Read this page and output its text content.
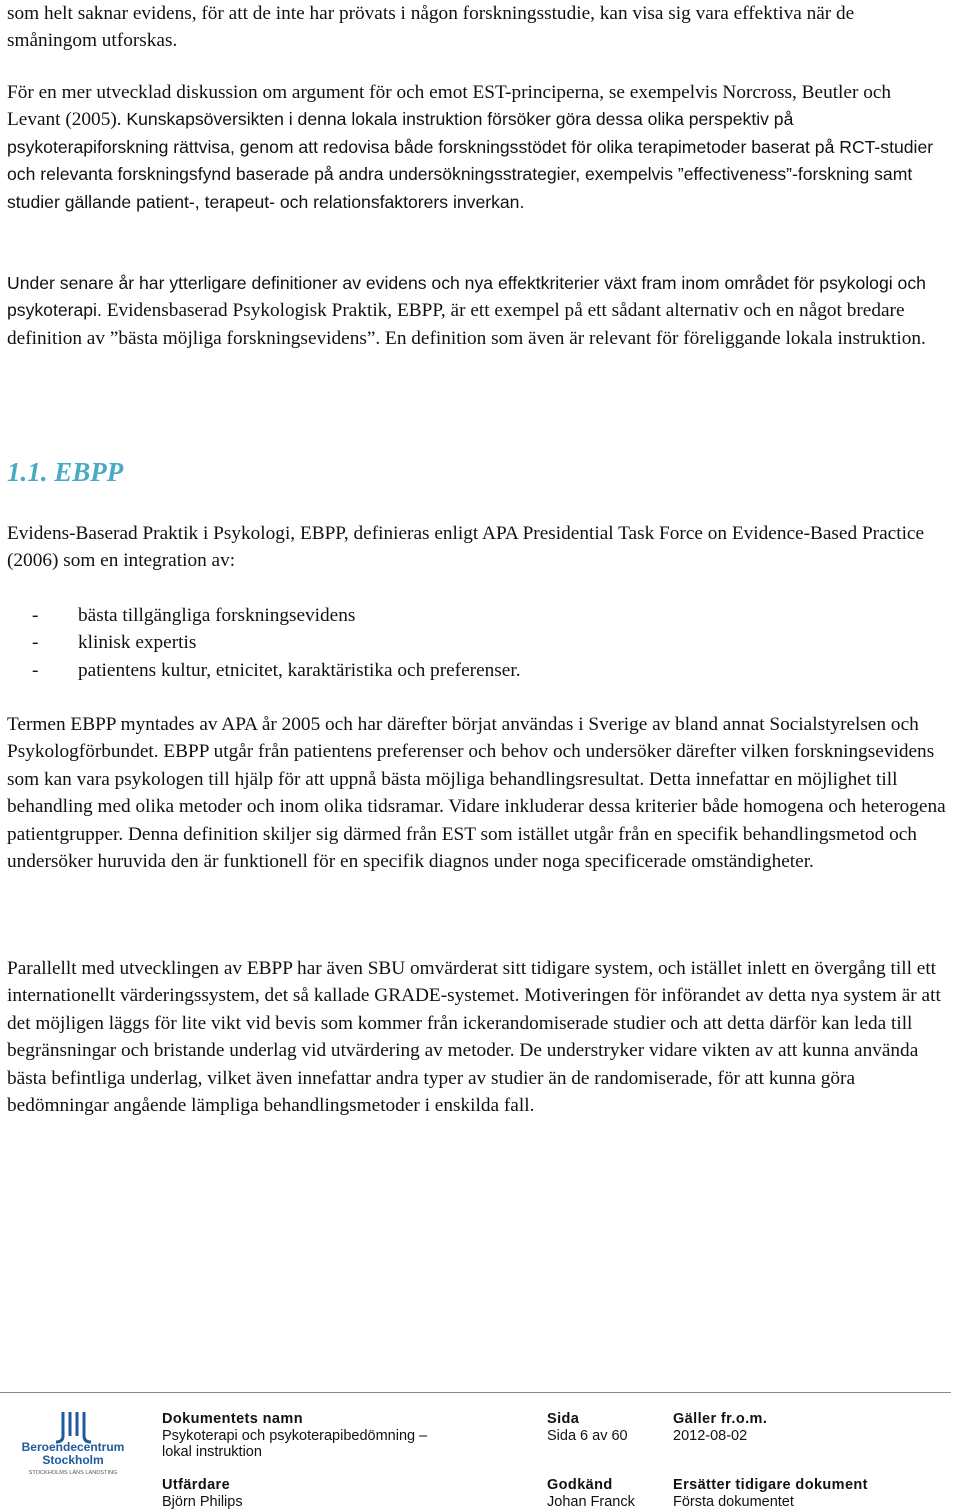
som helt saknar evidens, för att de inte har prövats i någon forskningsstudie, kan visa sig vara effektiva när de småningom utforskas.

För en mer utvecklad diskussion om argument för och emot EST-principerna, se exempelvis Norcross, Beutler och Levant (2005). Kunskapsöversikten i denna lokala instruktion försöker göra dessa olika perspektiv på psykoterapiforskning rättvisa, genom att redovisa både forskningsstödet för olika terapimetoder baserat på RCT-studier och relevanta forskningsfynd baserade på andra undersökningsstrategier, exempelvis ”effectiveness”-forskning samt studier gällande patient-, terapeut- och relationsfaktorers inverkan.

Under senare år har ytterligare definitioner av evidens och nya effektkriterier växt fram inom området för psykologi och psykoterapi. Evidensbaserad Psykologisk Praktik, EBPP, är ett exempel på ett sådant alternativ och en något bredare definition av ”bästa möjliga forskningsevidens”. En definition som även är relevant för föreliggande lokala instruktion.

1.1. EBPP

Evidens-Baserad Praktik i Psykologi, EBPP, definieras enligt APA Presidential Task Force on Evidence-Based Practice (2006) som en integration av:

-	bästa tillgängliga forskningsevidens
-	klinisk expertis
-	patientens kultur, etnicitet, karaktäristika och preferenser.

Termen EBPP myntades av APA år 2005 och har därefter börjat användas i Sverige av bland annat Socialstyrelsen och Psykologförbundet. EBPP utgår från patientens preferenser och behov och undersöker därefter vilken forskningsevidens som kan vara psykologen till hjälp för att uppnå bästa möjliga behandlingsresultat. Detta innefattar en möjlighet till behandling med olika metoder och inom olika tidsramar. Vidare inkluderar dessa kriterier både homogena och heterogena patientgrupper. Denna definition skiljer sig därmed från EST som istället utgår från en specifik behandlingsmetod och undersöker huruvida den är funktionell för en specifik diagnos under noga specificerade omständigheter.

Parallellt med utvecklingen av EBPP har även SBU omvärderat sitt tidigare system, och istället inlett en övergång till ett internationellt värderingssystem, det så kallade GRADE-systemet. Motiveringen för införandet av detta nya system är att det möjligen läggs för lite vikt vid bevis som kommer från ickerandomiserade studier och att detta därför kan leda till begränsningar och bristande underlag vid utvärdering av metoder. De understryker vidare vikten av att kunna använda bästa befintliga underlag, vilket även innefattar andra typer av studier än de randomiserade, för att kunna göra bedömningar angående lämpliga behandlingsmetoder i enskilda fall.

Beroendecentrum
Stockholm
STOCKHOLMS LÄNS LANDSTING
Dokumentets namn
Psykoterapi och psykoterapibedömning –
lokal instruktion
Sida
Sida 6 av 60
Gäller fr.o.m.
2012-08-02
Utfärdare
Björn Philips
Godkänd
Johan Franck
Ersätter tidigare dokument
Första dokumentet
